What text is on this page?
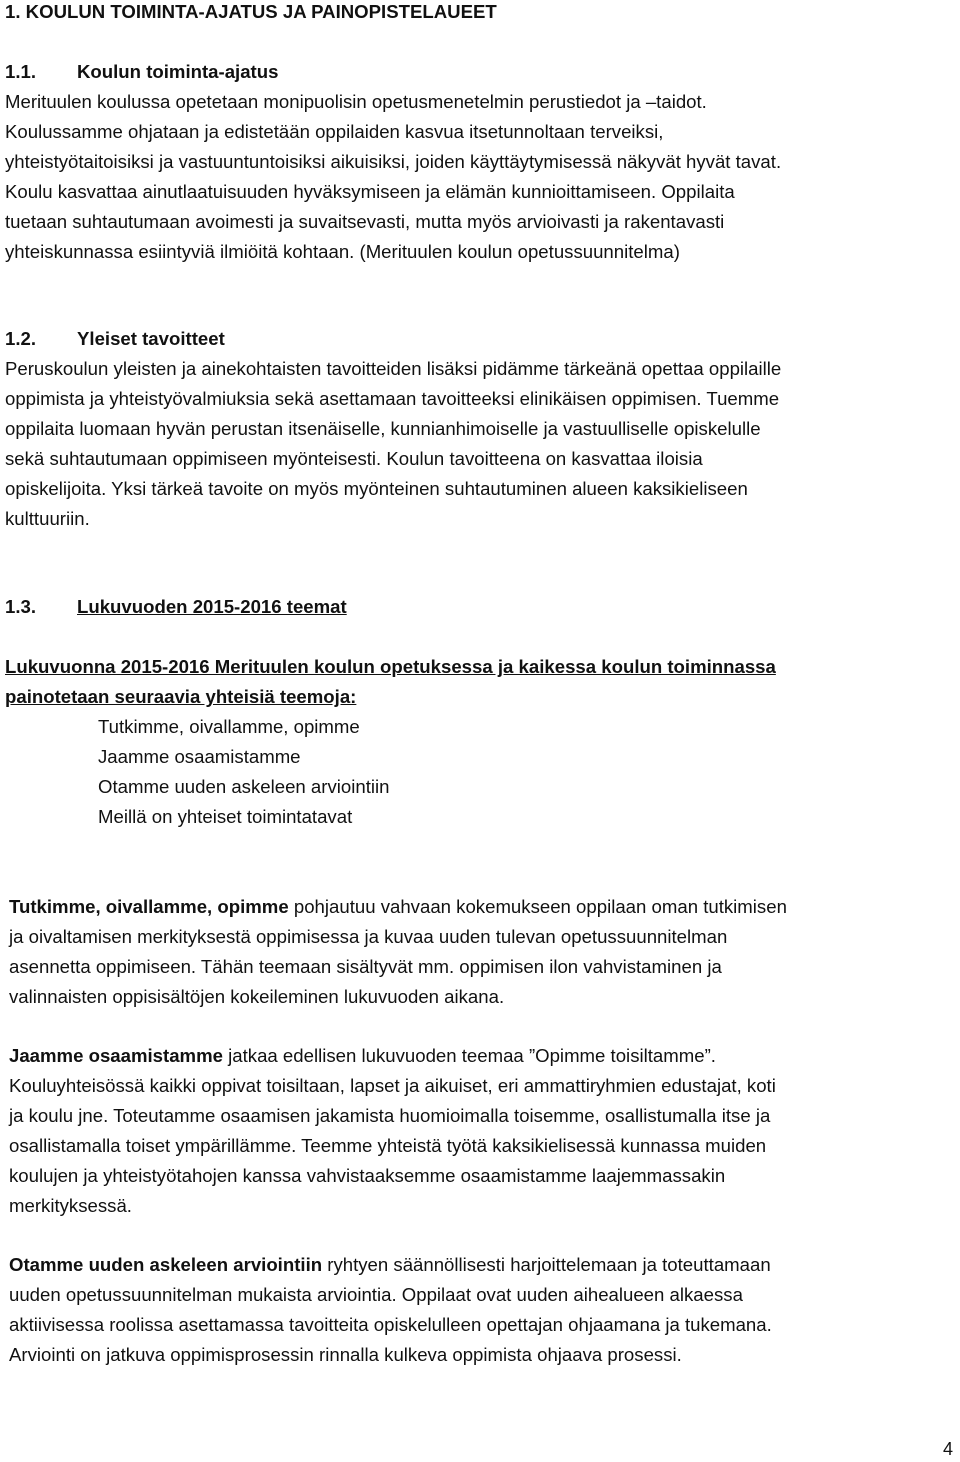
1. KOULUN TOIMINTA-AJATUS JA PAINOPISTELAUEET

1.1. Koulun toiminta-ajatus
Merituulen koulussa opetetaan monipuolisin opetusmenetelmin perustiedot ja –taidot.
Koulussamme ohjataan ja edistetään oppilaiden kasvua itsetunnoltaan terveiksi,
yhteistyötaitoisiksi ja vastuuntuntoisiksi aikuisiksi, joiden käyttäytymisessä näkyvät hyvät tavat.
Koulu kasvattaa ainutlaatuisuuden hyväksymiseen ja elämän kunnioittamiseen. Oppilaita
tuetaan suhtautumaan avoimesti ja suvaitsevasti, mutta myös arvioivasti ja rakentavasti
yhteiskunnassa esiintyviä ilmiöitä kohtaan. (Merituulen koulun opetussuunnitelma)

1.2. Yleiset tavoitteet
Peruskoulun yleisten ja ainekohtaisten tavoitteiden lisäksi pidämme tärkeänä opettaa oppilaille
oppimista ja yhteistyövalmiuksia sekä asettamaan tavoitteeksi elinikäisen oppimisen. Tuemme
oppilaita luomaan hyvän perustan itsenäiselle, kunnianhimoiselle ja vastuulliselle opiskelulle
sekä suhtautumaan oppimiseen myönteisesti. Koulun tavoitteena on kasvattaa iloisia
opiskelijoita. Yksi tärkeä tavoite on myös myönteinen suhtautuminen alueen kaksikieliseen
kulttuuriin.

1.3. Lukuvuoden 2015-2016 teemat

Lukuvuonna 2015-2016 Merituulen koulun opetuksessa ja kaikessa koulun toiminnassa
painotetaan seuraavia yhteisiä teemoja:

Tutkimme, oivallamme, opimme
Jaamme osaamistamme
Otamme uuden askeleen arviointiin
Meillä on yhteiset toimintatavat

Tutkimme, oivallamme, opimme pohjautuu vahvaan kokemukseen oppilaan oman tutkimisen
ja oivaltamisen merkityksestä oppimisessa ja kuvaa uuden tulevan opetussuunnitelman
asennetta oppimiseen. Tähän teemaan sisältyvät mm. oppimisen ilon vahvistaminen ja
valinnaisten oppisisältöjen kokeileminen lukuvuoden aikana.

Jaamme osaamistamme jatkaa edellisen lukuvuoden teemaa ”Opimme toisiltamme”.
Kouluyhteisössä kaikki oppivat toisiltaan, lapset ja aikuiset, eri ammattiryhmien edustajat, koti
ja koulu jne. Toteutamme osaamisen jakamista huomioimalla toisemme, osallistumalla itse ja
osallistamalla toiset ympärillämme. Teemme yhteistä työtä kaksikielisessä kunnassa muiden
koulujen ja yhteistyötahojen kanssa vahvistaaksemme osaamistamme laajemmassakin
merkityksessä.

Otamme uuden askeleen arviointiin ryhtyen säännöllisesti harjoittelemaan ja toteuttamaan
uuden opetussuunnitelman mukaista arviointia. Oppilaat ovat uuden aihealueen alkaessa
aktiivisessa roolissa asettamassa tavoitteita opiskelulleen opettajan ohjaamana ja tukemana.
Arviointi on jatkuva oppimisprosessin rinnalla kulkeva oppimista ohjaava prosessi.

4
